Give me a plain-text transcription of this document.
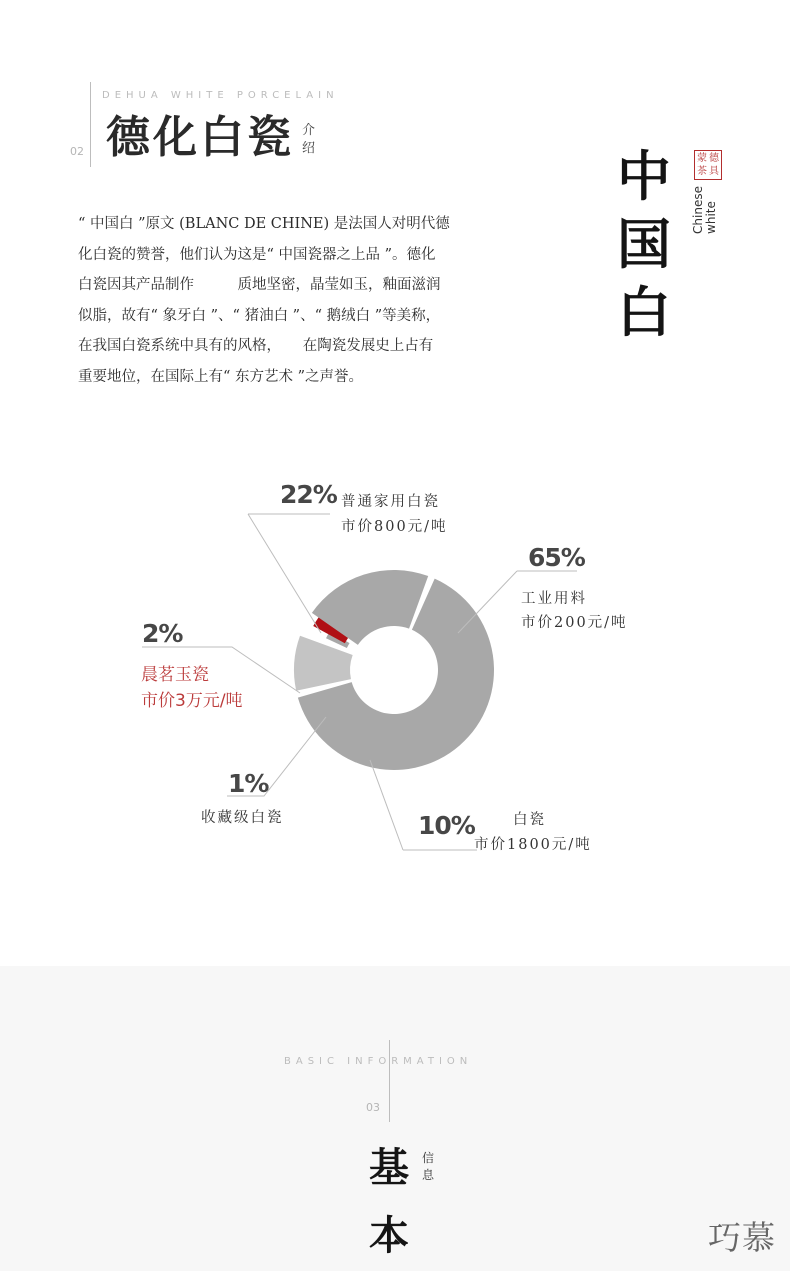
DEHUA WHITE PORCELAIN
02 德化白瓷 介绍
“ 中国白 ”原文 (BLANC DE CHINE) 是法国人对明代德
化白瓷的赞誉，他们认为这是“ 中国瓷器之上品 ”。德化
白瓷因其产品制作　　　质地坚密，晶莹如玉，釉面滋润
似脂，故有“ 象牙白 ”、“ 猪油白 ”、“ 鹅绒白 ”等美称，
在我国白瓷系统中具有的风格，　　在陶瓷发展史上占有
重要地位，在国际上有“ 东方艺术 ”之声誉。
中
国
白
蒙 德
茶 具
Chinese
white
22% 普通家用白瓷
市价800元/吨
65%
工业用料
市价200元/吨
2%
晨茗玉瓷
市价3万元/吨
1%
收藏级白瓷	10%	白瓷
市价1800元/吨
BASIC INFORMATION
03
基
本
信息
巧慕
